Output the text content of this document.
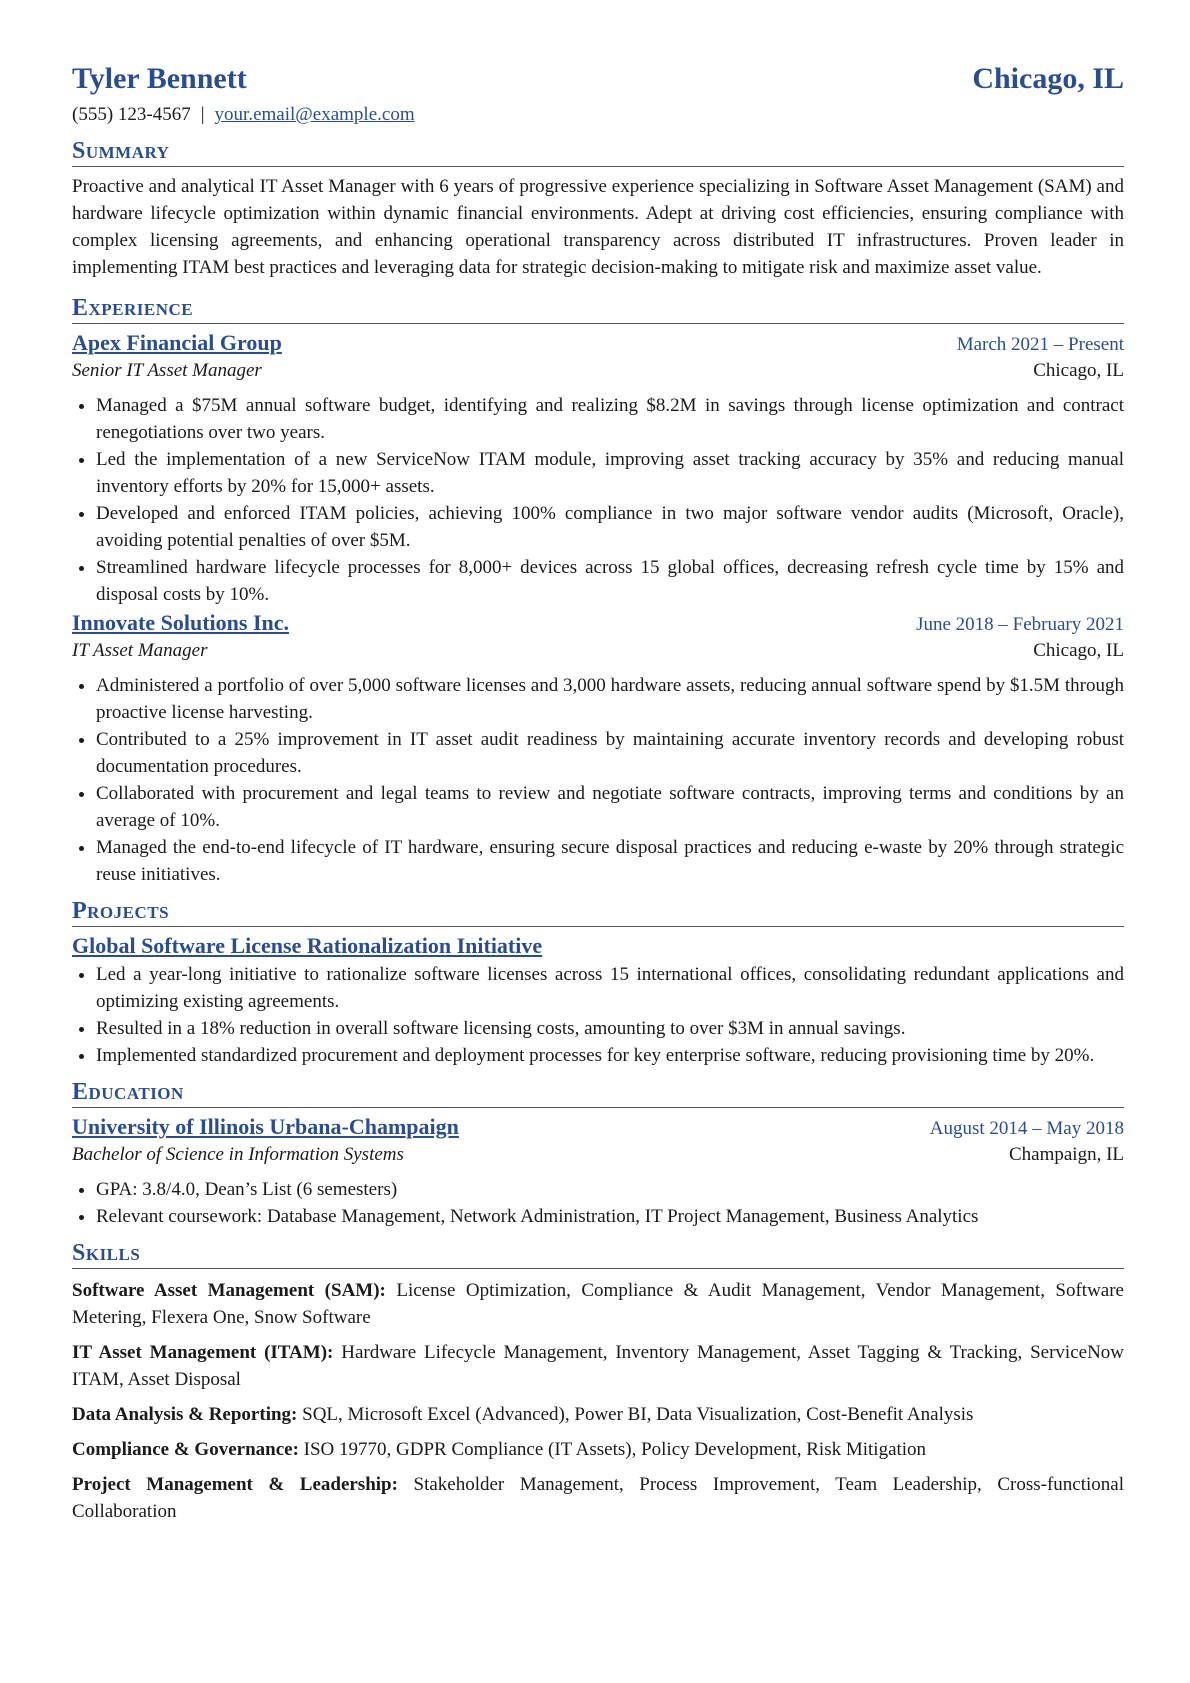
Tyler Bennett	Chicago, IL
(555) 123-4567 | your.email@example.com
Summary
Proactive and analytical IT Asset Manager with 6 years of progressive experience specializing in Software Asset Management (SAM) and hardware lifecycle optimization within dynamic financial environments. Adept at driving cost efficiencies, ensuring compliance with complex licensing agreements, and enhancing operational transparency across distributed IT infrastructures. Proven leader in implementing ITAM best practices and leveraging data for strategic decision-making to mitigate risk and maximize asset value.
Experience
Apex Financial Group	March 2021 – Present
Senior IT Asset Manager	Chicago, IL
• Managed a $75M annual software budget, identifying and realizing $8.2M in savings through license optimization and contract renegotiations over two years.
• Led the implementation of a new ServiceNow ITAM module, improving asset tracking accuracy by 35% and reducing manual inventory efforts by 20% for 15,000+ assets.
• Developed and enforced ITAM policies, achieving 100% compliance in two major software vendor audits (Microsoft, Oracle), avoiding potential penalties of over $5M.
• Streamlined hardware lifecycle processes for 8,000+ devices across 15 global offices, decreasing refresh cycle time by 15% and disposal costs by 10%.
Innovate Solutions Inc.	June 2018 – February 2021
IT Asset Manager	Chicago, IL
• Administered a portfolio of over 5,000 software licenses and 3,000 hardware assets, reducing annual software spend by $1.5M through proactive license harvesting.
• Contributed to a 25% improvement in IT asset audit readiness by maintaining accurate inventory records and developing robust documentation procedures.
• Collaborated with procurement and legal teams to review and negotiate software contracts, improving terms and conditions by an average of 10%.
• Managed the end-to-end lifecycle of IT hardware, ensuring secure disposal practices and reducing e-waste by 20% through strategic reuse initiatives.
Projects
Global Software License Rationalization Initiative
• Led a year-long initiative to rationalize software licenses across 15 international offices, consolidating redundant applications and optimizing existing agreements.
• Resulted in a 18% reduction in overall software licensing costs, amounting to over $3M in annual savings.
• Implemented standardized procurement and deployment processes for key enterprise software, reducing provisioning time by 20%.
Education
University of Illinois Urbana-Champaign	August 2014 – May 2018
Bachelor of Science in Information Systems	Champaign, IL
• GPA: 3.8/4.0, Dean’s List (6 semesters)
• Relevant coursework: Database Management, Network Administration, IT Project Management, Business Analytics
Skills
Software Asset Management (SAM): License Optimization, Compliance & Audit Management, Vendor Management, Software Metering, Flexera One, Snow Software
IT Asset Management (ITAM): Hardware Lifecycle Management, Inventory Management, Asset Tagging & Tracking, ServiceNow ITAM, Asset Disposal
Data Analysis & Reporting: SQL, Microsoft Excel (Advanced), Power BI, Data Visualization, Cost-Benefit Analysis
Compliance & Governance: ISO 19770, GDPR Compliance (IT Assets), Policy Development, Risk Mitigation
Project Management & Leadership: Stakeholder Management, Process Improvement, Team Leadership, Cross-functional Collaboration
